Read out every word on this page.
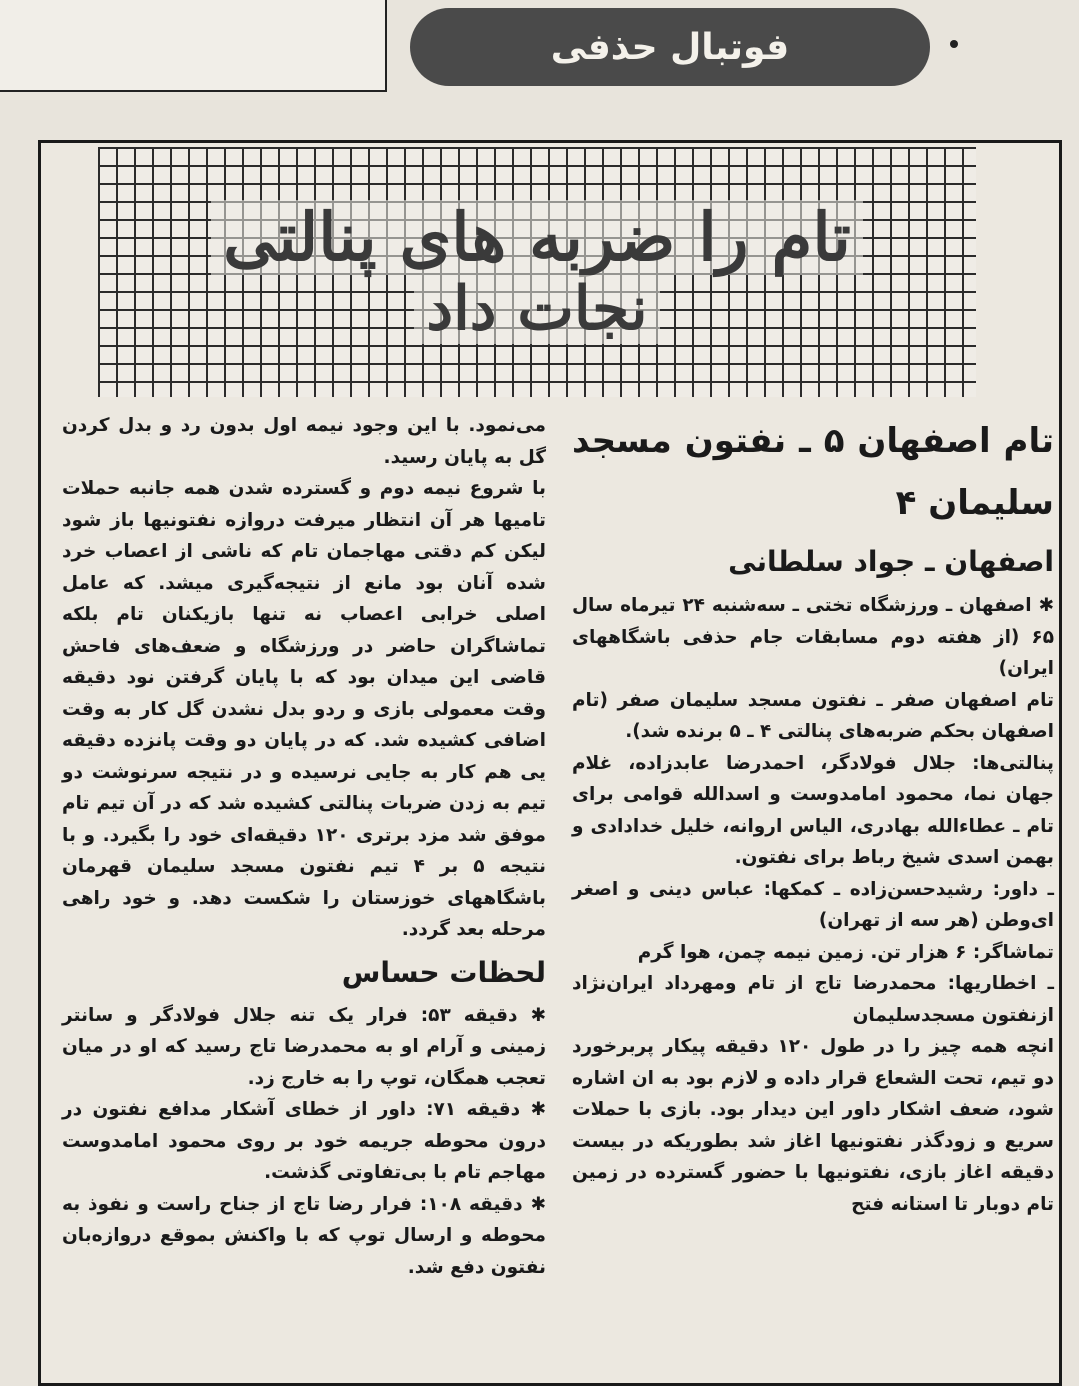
فوتبال حذفی
تام را ضربه های پنالتی
نجات داد

تام اصفهان ۵ ـ نفتون مسجد سلیمان ۴

اصفهان ـ جواد سلطانی

✱ اصفهان ـ ورزشگاه تختی ـ سه‌شنبه ۲۴ تیرماه سال ۶۵ (از هفته دوم مسابقات جام حذفی باشگاههای ایران)

تام اصفهان صفر ـ نفتون مسجد سلیمان صفر (تام اصفهان بحکم ضربه‌های پنالتی ۴ ـ ۵ برنده شد).

پنالتی‌ها: جلال فولادگر، احمدرضا عابدزاده، غلام جهان نما، محمود امامدوست و اسدالله قوامی برای تام ـ عطاءالله بهادری، الیاس اروانه، خلیل خدادادی و بهمن اسدی شیخ رباط برای نفتون.

ـ داور: رشیدحسن‌زاده ـ کمکها: عباس دینی و اصغر ای‌وطن (هر سه از تهران)

تماشاگر: ۶ هزار تن. زمین نیمه چمن، هوا گرم

ـ اخطاریها: محمدرضا تاج از تام ومهرداد ایران‌نژاد ازنفتون مسجدسلیمان

انچه همه چیز را در طول ۱۲۰ دقیقه پیکار پربرخورد دو تیم، تحت الشعاع قرار داده و لازم بود به ان اشاره شود، ضعف اشکار داور این دیدار بود. بازی با حملات سریع و زودگذر نفتونیها اغاز شد بطوریکه در بیست دقیقه اغاز بازی، نفتونیها با حضور گسترده در زمین تام دوبار تا استانه فتح

می‌نمود. با این وجود نیمه اول بدون رد و بدل کردن گل به پایان رسید.

با شروع نیمه دوم و گسترده شدن همه جانبه حملات تامیها هر آن انتظار میرفت دروازه نفتونیها باز شود لیکن کم دقتی مهاجمان تام که ناشی از اعصاب خرد شده آنان بود مانع از نتیجه‌گیری میشد. که عامل اصلی خرابی اعصاب نه تنها بازیکنان تام بلکه تماشاگران حاضر در ورزشگاه و ضعف‌های فاحش قاضی این میدان بود که با پایان گرفتن نود دقیقه وقت معمولی بازی و ردو بدل نشدن گل کار به وقت اضافی کشیده شد. که در پایان دو وقت پانزده دقیقه یی هم کار به جایی نرسیده و در نتیجه سرنوشت دو تیم به زدن ضربات پنالتی کشیده شد که در آن تیم تام موفق شد مزد برتری ۱۲۰ دقیقه‌ای خود را بگیرد. و با نتیجه ۵ بر ۴ تیم نفتون مسجد سلیمان قهرمان باشگاههای خوزستان را شکست دهد. و خود راهی مرحله بعد گردد.

لحظات حساس

✱ دقیقه ۵۳: فرار یک تنه جلال فولادگر و سانتر زمینی و آرام او به محمدرضا تاج رسید که او در میان تعجب همگان، توپ را به خارج زد.

✱ دقیقه ۷۱: داور از خطای آشکار مدافع نفتون در درون محوطه جریمه خود بر روی محمود امامدوست مهاجم تام با بی‌تفاوتی گذشت.

✱ دقیقه ۱۰۸: فرار رضا تاج از جناح راست و نفوذ به محوطه و ارسال توپ که با واکنش بموقع دروازه‌بان نفتون دفع شد.
